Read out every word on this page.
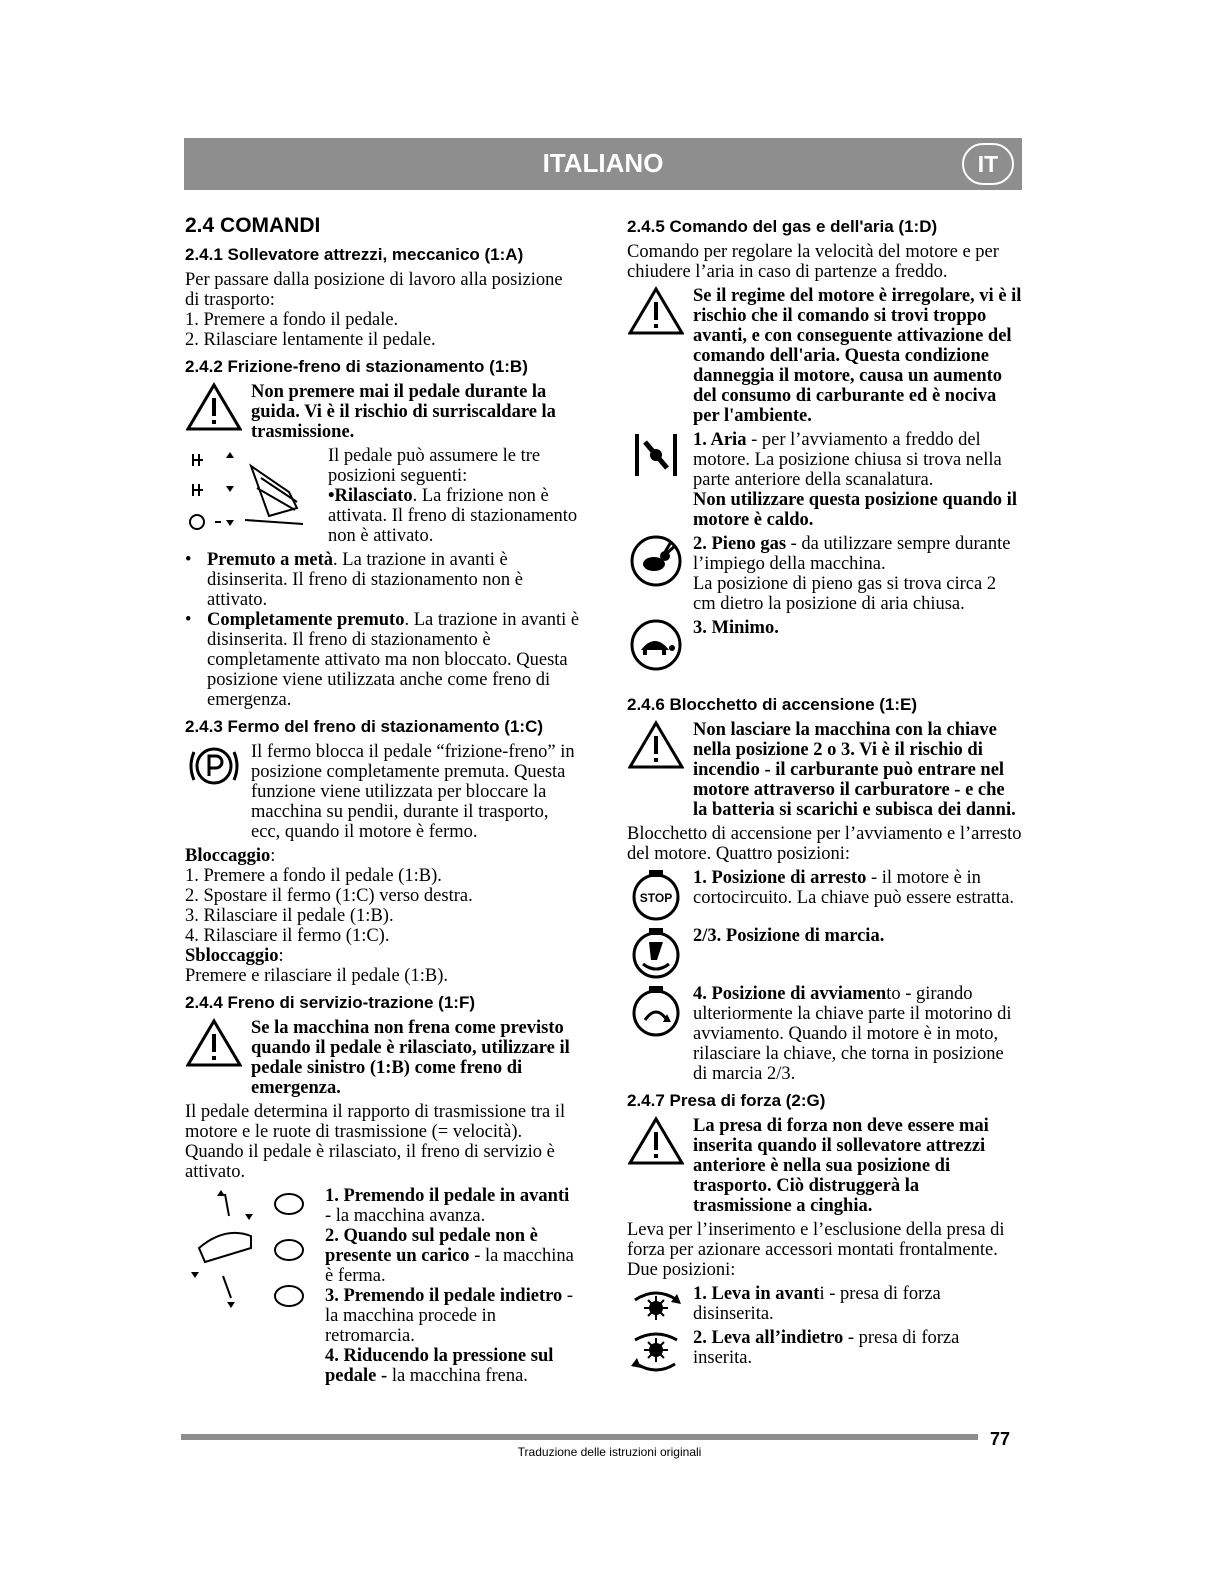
ITALIANO	IT
2.4 COMANDI
2.4.1 Sollevatore attrezzi, meccanico (1:A)

Per passare dalla posizione di lavoro alla posizione di trasporto:

1. Premere a fondo il pedale.
2. Rilasciare lentamente il pedale.
2.4.2 Frizione-freno di stazionamento (1:B)
Non premere mai il pedale durante la guida. Vi è il rischio di surriscaldare la trasmissione.

Il pedale può assumere le tre posizioni seguenti:

•Rilasciato. La frizione non è attivata. Il freno di stazionamento non è attivato.

• Premuto a metà. La trazione in avanti è disinserita. Il freno di stazionamento non è attivato.
• Completamente premuto. La trazione in avanti è disinserita. Il freno di stazionamento è completamente attivato ma non bloccato. Questa posizione viene utilizzata anche come freno di emergenza.
2.4.3 Fermo del freno di stazionamento (1:C)
Il fermo blocca il pedale “frizione-freno” in posizione completamente premuta. Questa funzione viene utilizzata per bloccare la macchina su pendii, durante il trasporto, ecc, quando il motore è fermo.

Bloccaggio:

1. Premere a fondo il pedale (1:B).
2. Spostare il fermo (1:C) verso destra.
3. Rilasciare il pedale (1:B).
4. Rilasciare il fermo (1:C).

Sbloccaggio:

Premere e rilasciare il pedale (1:B).

2.4.4 Freno di servizio-trazione (1:F)
Se la macchina non frena come previsto quando il pedale è rilasciato, utilizzare il pedale sinistro (1:B) come freno di emergenza.

Il pedale determina il rapporto di trasmissione tra il motore e le ruote di trasmissione (= velocità). Quando il pedale è rilasciato, il freno di servizio è attivato.

1. Premendo il pedale in avanti - la macchina avanza.

2. Quando sul pedale non è presente un carico - la macchina è ferma.

3. Premendo il pedale indietro - la macchina procede in retromarcia.

4. Riducendo la pressione sul pedale - la macchina frena.

2.4.5 Comando del gas e dell'aria (1:D)

Comando per regolare la velocità del motore e per chiudere l’aria in caso di partenze a freddo.

Se il regime del motore è irregolare, vi è il rischio che il comando si trovi troppo avanti, e con conseguente attivazione del comando dell'aria. Questa condizione danneggia il motore, causa un aumento del consumo di carburante ed è nociva per l'ambiente.

1. Aria - per l’avviamento a freddo del motore. La posizione chiusa si trova nella parte anteriore della scanalatura.

Non utilizzare questa posizione quando il motore è caldo.

2. Pieno gas - da utilizzare sempre durante l’impiego della macchina.

La posizione di pieno gas si trova circa 2 cm dietro la posizione di aria chiusa.

3. Minimo.
2.4.6 Blocchetto di accensione (1:E)
Non lasciare la macchina con la chiave nella posizione 2 o 3. Vi è il rischio di incendio - il carburante può entrare nel motore attraverso il carburatore - e che la batteria si scarichi e subisca dei danni.

Blocchetto di accensione per l’avviamento e l’arresto del motore. Quattro posizioni:

STOP
1. Posizione di arresto - il motore è in cortocircuito. La chiave può essere estratta.
2/3. Posizione di marcia.
4. Posizione di avviamento - girando ulteriormente la chiave parte il motorino di avviamento. Quando il motore è in moto, rilasciare la chiave, che torna in posizione di marcia 2/3.
2.4.7 Presa di forza (2:G)
La presa di forza non deve essere mai inserita quando il sollevatore attrezzi anteriore è nella sua posizione di trasporto. Ciò distruggerà la trasmissione a cinghia.

Leva per l’inserimento e l’esclusione della presa di forza per azionare accessori montati frontalmente. Due posizioni:

1. Leva in avanti - presa di forza disinserita.
2. Leva all’indietro - presa di forza inserita.
77
Traduzione delle istruzioni originali
